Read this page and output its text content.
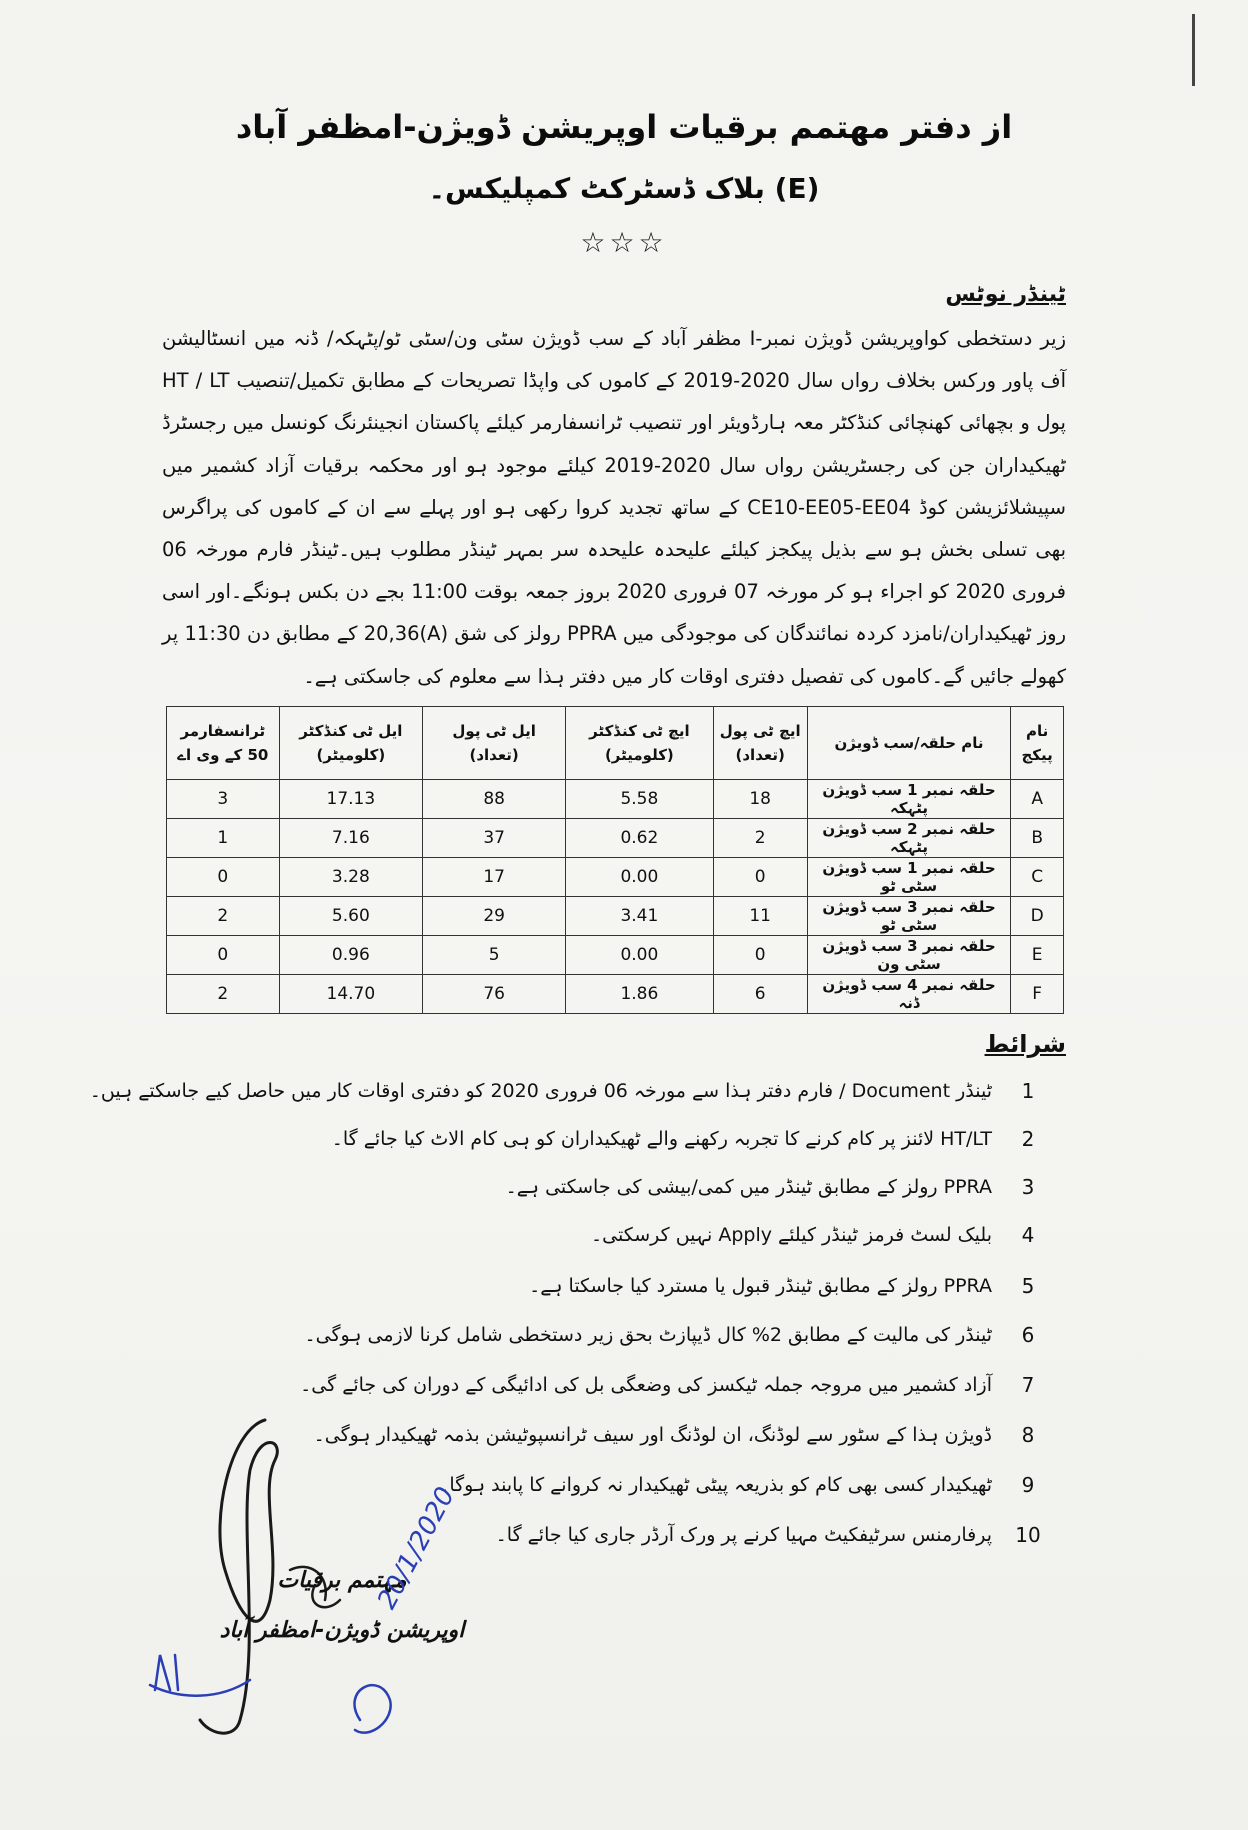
از دفتر مهتمم برقیات اوپریشن ڈویژن-امظفر آباد
(E) بلاک ڈسٹرکٹ کمپلیکس۔
☆☆☆
ٹینڈر نوٹس
زیر دستخطی کواوپریشن ڈویژن نمبر-I مظفر آباد کے سب ڈویژن سٹی ون/سٹی ٹو/پٹہکہ/ ڈنہ میں انسٹالیشن آف پاور ورکس بخلاف رواں سال 2020-2019 کے کاموں کی واپڈا تصریحات کے مطابق تکمیل/تنصیب HT / LT پول و بچھائی کھنچائی کنڈکٹر معہ ہارڈویئر اور تنصیب ٹرانسفارمر کیلئے پاکستان انجینئرنگ کونسل میں رجسٹرڈ ٹھیکیداران جن کی رجسٹریشن رواں سال 2020-2019 کیلئے موجود ہو اور محکمہ برقیات آزاد کشمیر میں سپیشلائزیشن کوڈ CE10-EE05-EE04 کے ساتھ تجدید کروا رکھی ہو اور پہلے سے ان کے کاموں کی پراگرس بھی تسلی بخش ہو سے بذیل پیکجز کیلئے علیحدہ علیحدہ سر بمہر ٹینڈر مطلوب ہیں۔ٹینڈر فارم مورخہ 06 فروری 2020 کو اجراء ہو کر مورخہ 07 فروری 2020 بروز جمعہ بوقت 11:00 بجے دن بکس ہونگے۔اور اسی روز ٹھیکیداران/نامزد کردہ نمائندگان کی موجودگی میں PPRA رولز کی شق (A)20,36 کے مطابق دن 11:30 پر کھولے جائیں گے۔کاموں کی تفصیل دفتری اوقات کار میں دفتر ہذا سے معلوم کی جاسکتی ہے۔
نام پیکج	نام حلقہ/سب ڈویژن	ایچ ٹی پول (تعداد)	ایچ ٹی کنڈکٹر (کلومیٹر)	ایل ٹی پول (تعداد)	ایل ٹی کنڈکٹر (کلومیٹر)	ٹرانسفارمر 50 کے وی اے
A	حلقہ نمبر 1 سب ڈویژن پٹہکہ	18	5.58	88	17.13	3
B	حلقہ نمبر 2 سب ڈویژن پٹہکہ	2	0.62	37	7.16	1
C	حلقہ نمبر 1 سب ڈویژن سٹی ٹو	0	0.00	17	3.28	0
D	حلقہ نمبر 3 سب ڈویژن سٹی ٹو	11	3.41	29	5.60	2
E	حلقہ نمبر 3 سب ڈویژن سٹی ون	0	0.00	5	0.96	0
F	حلقہ نمبر 4 سب ڈویژن ڈنہ	6	1.86	76	14.70	2
شرائط
1
ٹینڈر Document / فارم دفتر ہذا سے مورخہ 06 فروری 2020 کو دفتری اوقات کار میں حاصل کیے جاسکتے ہیں۔
2
HT/LT لائنز پر کام کرنے کا تجربہ رکھنے والے ٹھیکیداران کو ہی کام الاٹ کیا جائے گا۔
3
PPRA رولز کے مطابق ٹینڈر میں کمی/بیشی کی جاسکتی ہے۔
4
بلیک لسٹ فرمز ٹینڈر کیلئے Apply نہیں کرسکتی۔
5
PPRA رولز کے مطابق ٹینڈر قبول یا مسترد کیا جاسکتا ہے۔
6
ٹینڈر کی مالیت کے مطابق 2% کال ڈیپازٹ بحق زیر دستخطی شامل کرنا لازمی ہوگی۔
7
آزاد کشمیر میں مروجہ جملہ ٹیکسز کی وضعگی بل کی ادائیگی کے دوران کی جائے گی۔
8
ڈویژن ہذا کے سٹور سے لوڈنگ، ان لوڈنگ اور سیف ٹرانسپوٹیشن بذمہ ٹھیکیدار ہوگی۔
9
ٹھیکیدار کسی بھی کام کو بذریعہ پیٹی ٹھیکیدار نہ کروانے کا پابند ہوگا۔
10
پرفارمنس سرٹیفکیٹ مہیا کرنے پر ورک آرڈر جاری کیا جائے گا۔
مہتمم برقیات
اوپریشن ڈویژن-امظفر آباد
20/1/2020
